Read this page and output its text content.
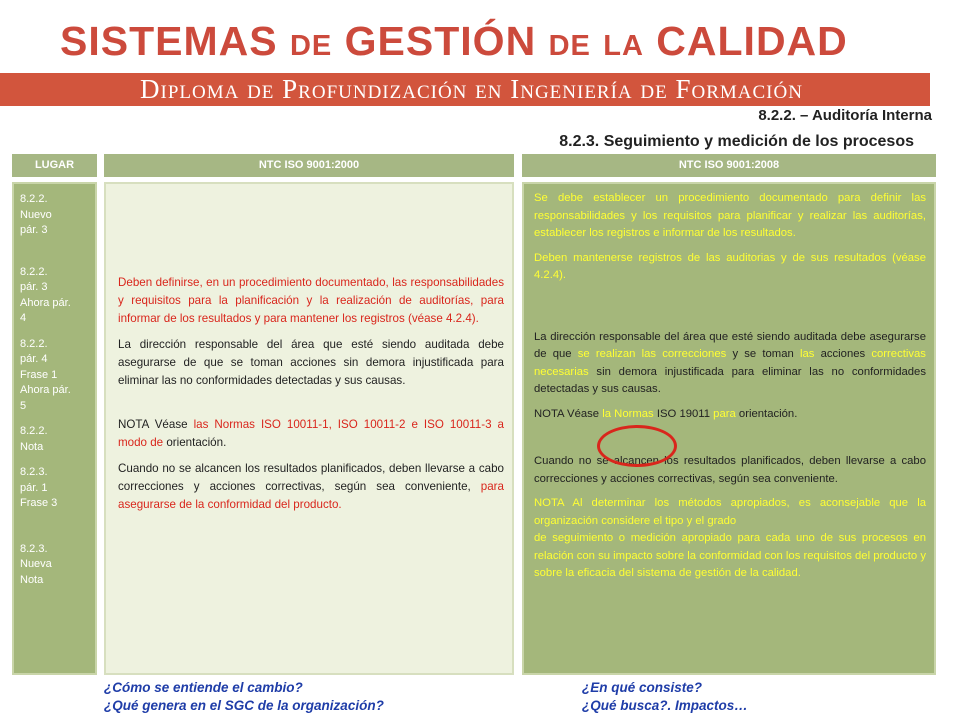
SISTEMAS de GESTIÓN de la CALIDAD
Diploma de Profundización en Ingeniería de Formación
8.2.2. – Auditoría Interna
8.2.3. Seguimiento y medición de los procesos
LUGAR	NTC ISO 9001:2000	NTC ISO 9001:2008
8.2.2.
Nuevo
pár. 3
8.2.2.
pár. 3
Ahora pár.
4
8.2.2.
pár. 4
Frase 1
Ahora pár.
5
8.2.2.
Nota
8.2.3.
pár. 1
Frase 3
8.2.3.
Nueva
Nota

Deben definirse, en un procedimiento documentado, las responsabilidades y requisitos para la planificación y la realización de auditorías, para informar de los resultados y para mantener los registros (véase 4.2.4).

La dirección responsable del área que esté siendo auditada debe asegurarse de que se toman acciones sin demora injustificada para eliminar las no conformidades detectadas y sus causas.

NOTA Véase las Normas ISO 10011-1, ISO 10011-2 e ISO 10011-3 a modo de orientación.

Cuando no se alcancen los resultados planificados, deben llevarse a cabo correcciones y acciones correctivas, según sea conveniente, para asegurarse de la conformidad del producto.

Se debe establecer un procedimiento documentado para definir las responsabilidades y los requisitos para planificar y realizar las auditorías, establecer los registros e informar de los resultados.

Deben mantenerse registros de las auditorias y de sus resultados (véase 4.2.4).

La dirección responsable del área que esté siendo auditada debe asegurarse de que se realizan las correcciones y se toman las acciones correctivas necesarias sin demora injustificada para eliminar las no conformidades detectadas y sus causas.

NOTA Véase la Normas ISO 19011 para orientación.

Cuando no se alcancen los resultados planificados, deben llevarse a cabo correcciones y acciones correctivas, según sea conveniente.

NOTA Al determinar los métodos apropiados, es aconsejable que la organización considere el tipo y el grado

de seguimiento o medición apropiado para cada uno de sus procesos en relación con su impacto sobre la conformidad con los requisitos del producto y sobre la eficacia del sistema de gestión de la calidad.

¿Cómo se entiende el cambio?
¿Qué genera en el SGC de la organización?
¿En qué consiste?
¿Qué busca?. Impactos…
